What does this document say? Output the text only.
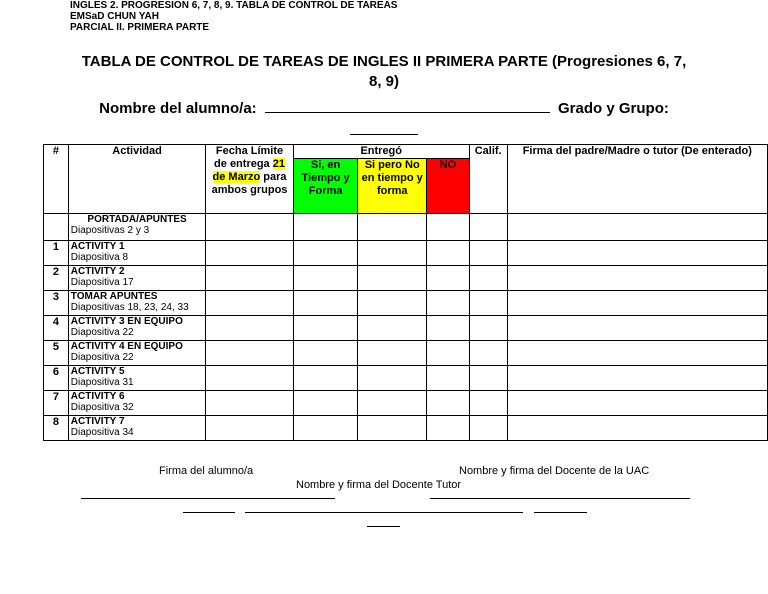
INGLES 2. PROGRESION 6, 7, 8, 9. TABLA DE CONTROL DE TAREAS
EMSaD CHUN YAH
PARCIAL II. PRIMERA PARTE
TABLA DE CONTROL DE TAREAS DE INGLES II PRIMERA PARTE (Progresiones 6, 7,
8, 9)
Nombre del alumno/a:	Grado y Grupo:

#	Actividad	Fecha Límite de entrega 21 de Marzo para ambos grupos	Entregó			Calif.	Firma del padre/Madre o tutor (De enterado)
			Si, en Tiempo y Forma	Si pero No en tiempo y forma	NO		

	PORTADA/APUNTES
Diapositivas 2 y 3						

1	ACTIVITY 1
Diapositiva 8						

2	ACTIVITY 2
Diapositiva 17						

3	TOMAR APUNTES
Diapositivas 18, 23, 24, 33						

4	ACTIVITY 3 EN EQUIPO
Diapositiva 22						

5	ACTIVITY 4 EN EQUIPO
Diapositiva 22						

6	ACTIVITY 5
Diapositiva 31						

7	ACTIVITY 6
Diapositiva 32						

8	ACTIVITY 7
Diapositiva 34						

Firma del alumno/a
Nombre y firma del Docente Tutor
Nombre y firma del Docente de la UAC
